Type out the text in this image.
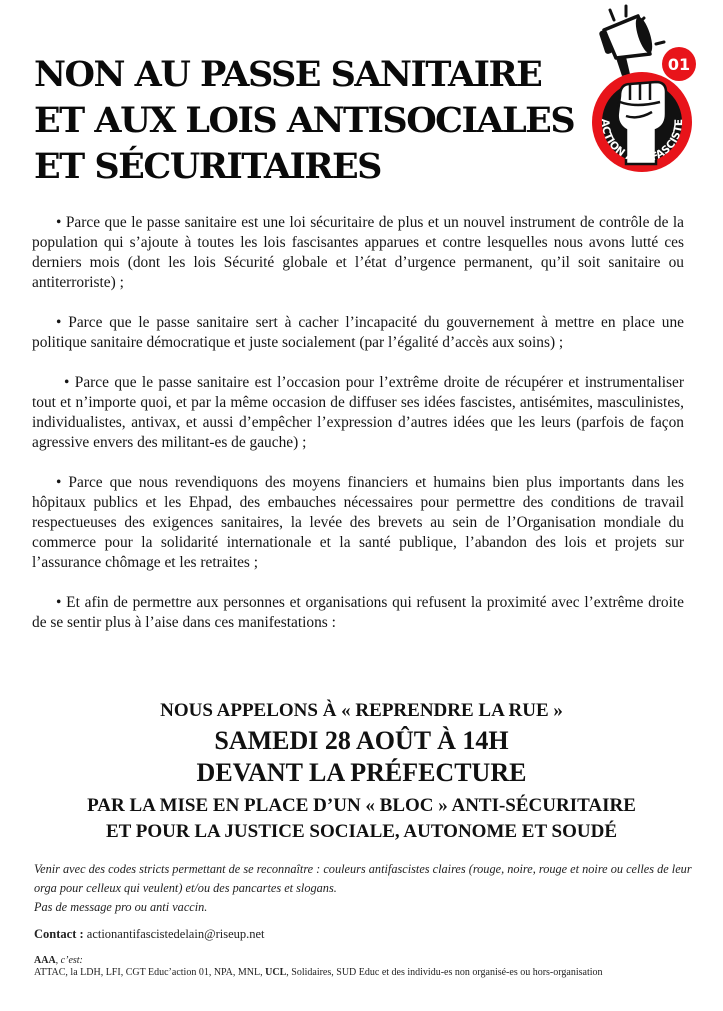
NON AU PASSE SANITAIRE
ET AUX LOIS ANTISOCIALES
ET SÉCURITAIRES
01
ACTION ANTIFASCISTE

• Parce que le passe sanitaire est une loi sécuritaire de plus et un nouvel instrument de contrôle de la population qui s’ajoute à toutes les lois fascisantes apparues et contre lesquelles nous avons lutté ces derniers mois (dont les lois Sécurité globale et l’état d’urgence permanent, qu’il soit sanitaire ou antiterroriste) ;

• Parce que le passe sanitaire sert à cacher l’incapacité du gouvernement à mettre en place une politique sanitaire démocratique et juste socialement (par l’égalité d’accès aux soins) ;

• Parce que le passe sanitaire est l’occasion pour l’extrême droite de récupérer et instrumentaliser tout et n’importe quoi, et par la même occasion de diffuser ses idées fascistes, antisémites, masculinistes, individualistes, antivax, et aussi d’empêcher l’expression d’autres idées que les leurs (parfois de façon agressive envers des militant-es de gauche) ;

• Parce que nous revendiquons des moyens financiers et humains bien plus importants dans les hôpitaux publics et les Ehpad, des embauches nécessaires pour permettre des conditions de travail respectueuses des exigences sanitaires, la levée des brevets au sein de l’Organisation mondiale du commerce pour la solidarité internationale et la santé publique, l’abandon des lois et projets sur l’assurance chômage et les retraites ;

• Et afin de permettre aux personnes et organisations qui refusent la proximité avec l’extrême droite de se sentir plus à l’aise dans ces manifestations :

NOUS APPELONS À « REPRENDRE LA RUE »
SAMEDI 28 AOÛT À 14H
DEVANT LA PRÉFECTURE
PAR LA MISE EN PLACE D’UN « BLOC » ANTI-SÉCURITAIRE
ET POUR LA JUSTICE SOCIALE, AUTONOME ET SOUDÉ
Venir avec des codes stricts permettant de se reconnaître : couleurs antifascistes claires (rouge, noire, rouge et noire ou celles de leur orga pour celleux qui veulent) et/ou des pancartes et slogans.
Pas de message pro ou anti vaccin.
Contact : actionantifascistedelain@riseup.net
AAA, c’est:
ATTAC, la LDH, LFI, CGT Educ’action 01, NPA, MNL, UCL, Solidaires, SUD Educ et des individu-es non organisé-es ou hors-organisation
